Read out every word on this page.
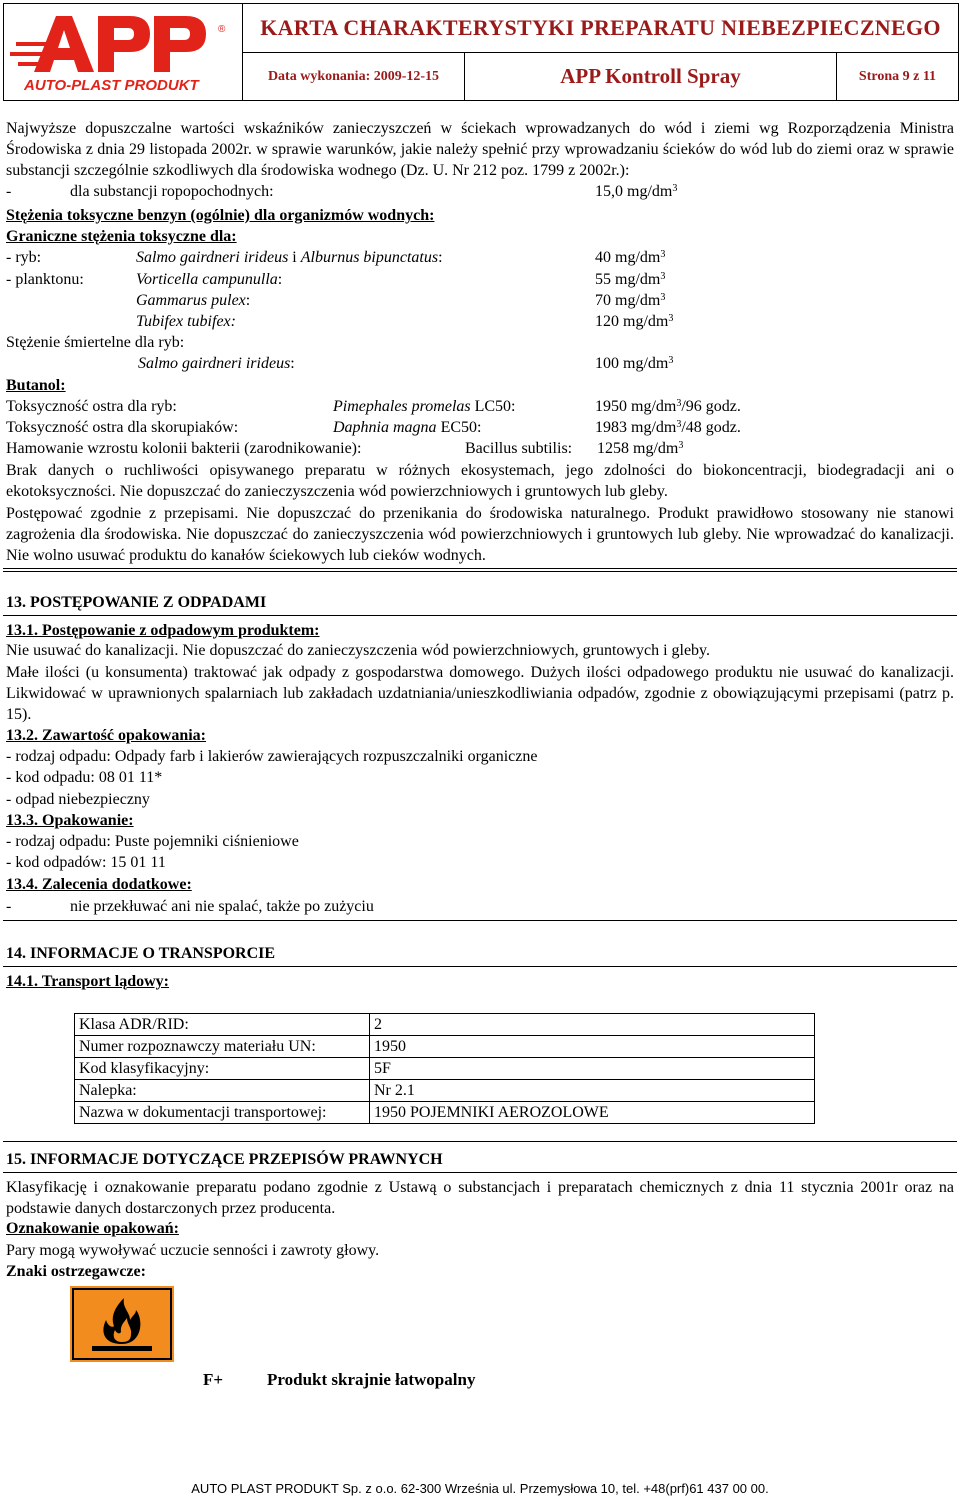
®
AUTO-PLAST PRODUKT
KARTA CHARAKTERYSTYKI PREPARATU NIEBEZPIECZNEGO
Data wykonania: 2009-12-15	APP Kontroll Spray	Strona 9 z 11
Najwyższe dopuszczalne wartości wskaźników zanieczyszczeń w ściekach wprowadzanych do wód i ziemi wg Rozporządzenia Ministra Środowiska z dnia 29 listopada 2002r. w sprawie warunków, jakie należy spełnić przy wprowadzaniu ścieków do wód lub do ziemi oraz w sprawie substancji szczególnie szkodliwych dla środowiska wodnego (Dz. U. Nr 212 poz. 1799 z 2002r.):
-	dla substancji ropopochodnych:	15,0 $mg/dm^3$
Stężenia toksyczne benzyn (ogólnie) dla organizmów wodnych:
Graniczne stężenia toksyczne dla:
- ryb:	Salmo gairdneri irideus i Alburnus bipunctatus:	40 $mg/dm^3$
- planktonu:	Vorticella campunulla:	55 $mg/dm^3$
Gammarus pulex:	70 $mg/dm^3$
Tubifex tubifex:	120 $mg/dm^3$
Stężenie śmiertelne dla ryb:
Salmo gairdneri irideus:	100 $mg/dm^3$
Butanol:
Toksyczność ostra dla ryb:	Pimephales promelas LC50:	1950 $mg/dm^3/96$ godz.
Toksyczność ostra dla skorupiaków:	Daphnia magna EC50:	1983 $mg/dm^3/48$ godz.
Hamowanie wzrostu kolonii bakterii (zarodnikowanie):	Bacillus subtilis: 1258 $mg/dm^3$
Brak danych o ruchliwości opisywanego preparatu w różnych ekosystemach, jego zdolności do biokoncentracji, biodegradacji ani o ekotoksyczności. Nie dopuszczać do zanieczyszczenia wód powierzchniowych i gruntowych lub gleby.
Postępować zgodnie z przepisami. Nie dopuszczać do przenikania do środowiska naturalnego. Produkt prawidłowo stosowany nie stanowi zagrożenia dla środowiska. Nie dopuszczać do zanieczyszczenia wód powierzchniowych i gruntowych lub gleby. Nie wprowadzać do kanalizacji. Nie wolno usuwać produktu do kanałów ściekowych lub cieków wodnych.
13. POSTĘPOWANIE Z ODPADAMI
13.1. Postępowanie z odpadowym produktem:
Nie usuwać do kanalizacji. Nie dopuszczać do zanieczyszczenia wód powierzchniowych, gruntowych i gleby.
Małe ilości (u konsumenta) traktować jak odpady z gospodarstwa domowego. Dużych ilości odpadowego produktu nie usuwać do kanalizacji. Likwidować w uprawnionych spalarniach lub zakładach uzdatniania/unieszkodliwiania odpadów, zgodnie z obowiązującymi przepisami (patrz p. 15).
13.2. Zawartość opakowania:
- rodzaj odpadu: Odpady farb i lakierów zawierających rozpuszczalniki organiczne
- kod odpadu: 08 01 11*
- odpad niebezpieczny
13.3. Opakowanie:
- rodzaj odpadu: Puste pojemniki ciśnieniowe
- kod odpadów: 15 01 11
13.4. Zalecenia dodatkowe:
-	nie przekłuwać ani nie spalać, także po zużyciu
14. INFORMACJE O TRANSPORCIE
14.1. Transport lądowy:
Klasa ADR/RID:	2
Numer rozpoznawczy materiału UN:	1950
Kod klasyfikacyjny:	5F
Nalepka:	Nr 2.1
Nazwa w dokumentacji transportowej:	1950 POJEMNIKI AEROZOLOWE
15. INFORMACJE DOTYCZĄCE PRZEPISÓW PRAWNYCH
Klasyfikację i oznakowanie preparatu podano zgodnie z Ustawą o substancjach i preparatach chemicznych z dnia 11 stycznia 2001r oraz na podstawie danych dostarczonych przez producenta.
Oznakowanie opakowań:
Pary mogą wywoływać uczucie senności i zawroty głowy.
Znaki ostrzegawcze:
F+	Produkt skrajnie łatwopalny
AUTO PLAST PRODUKT Sp. z o.o. 62-300 Września ul. Przemysłowa 10, tel. +48(prf)61 437 00 00.
